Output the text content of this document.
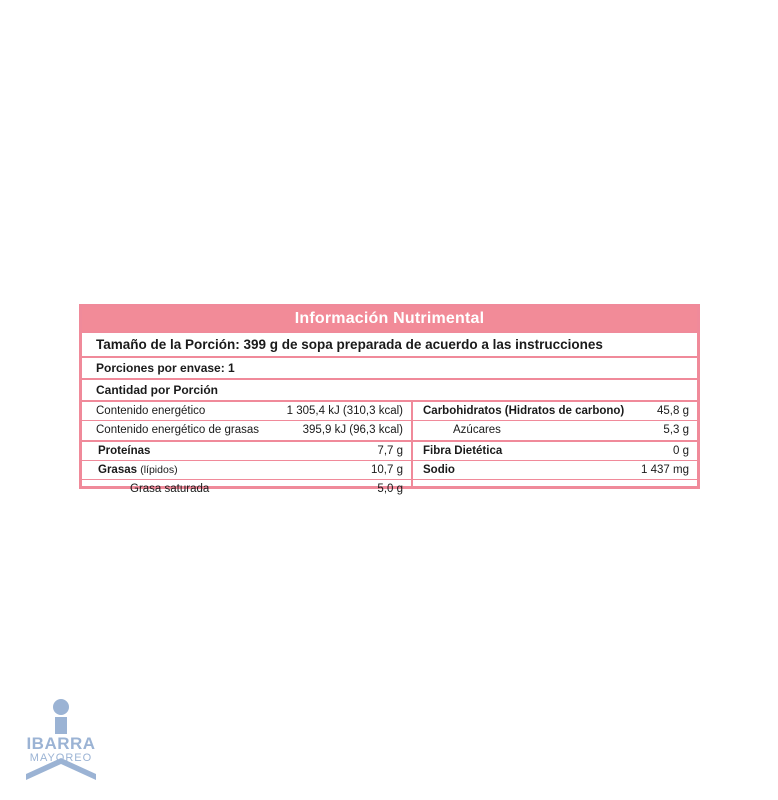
Información Nutrimental
Tamaño de la Porción: 399 g de sopa preparada de acuerdo a las instrucciones
Porciones por envase: 1
Cantidad por Porción
Contenido energético	1 305,4 kJ (310,3 kcal)
Contenido energético de grasas	395,9 kJ (96,3 kcal)
Proteínas	7,7 g
Grasas (lípidos)	10,7 g
Grasa saturada	5,0 g
Carbohidratos (Hidratos de carbono)	45,8 g
Azúcares	5,3 g
Fibra Dietética	0 g
Sodio	1 437 mg
IBARRA
MAYOREO
